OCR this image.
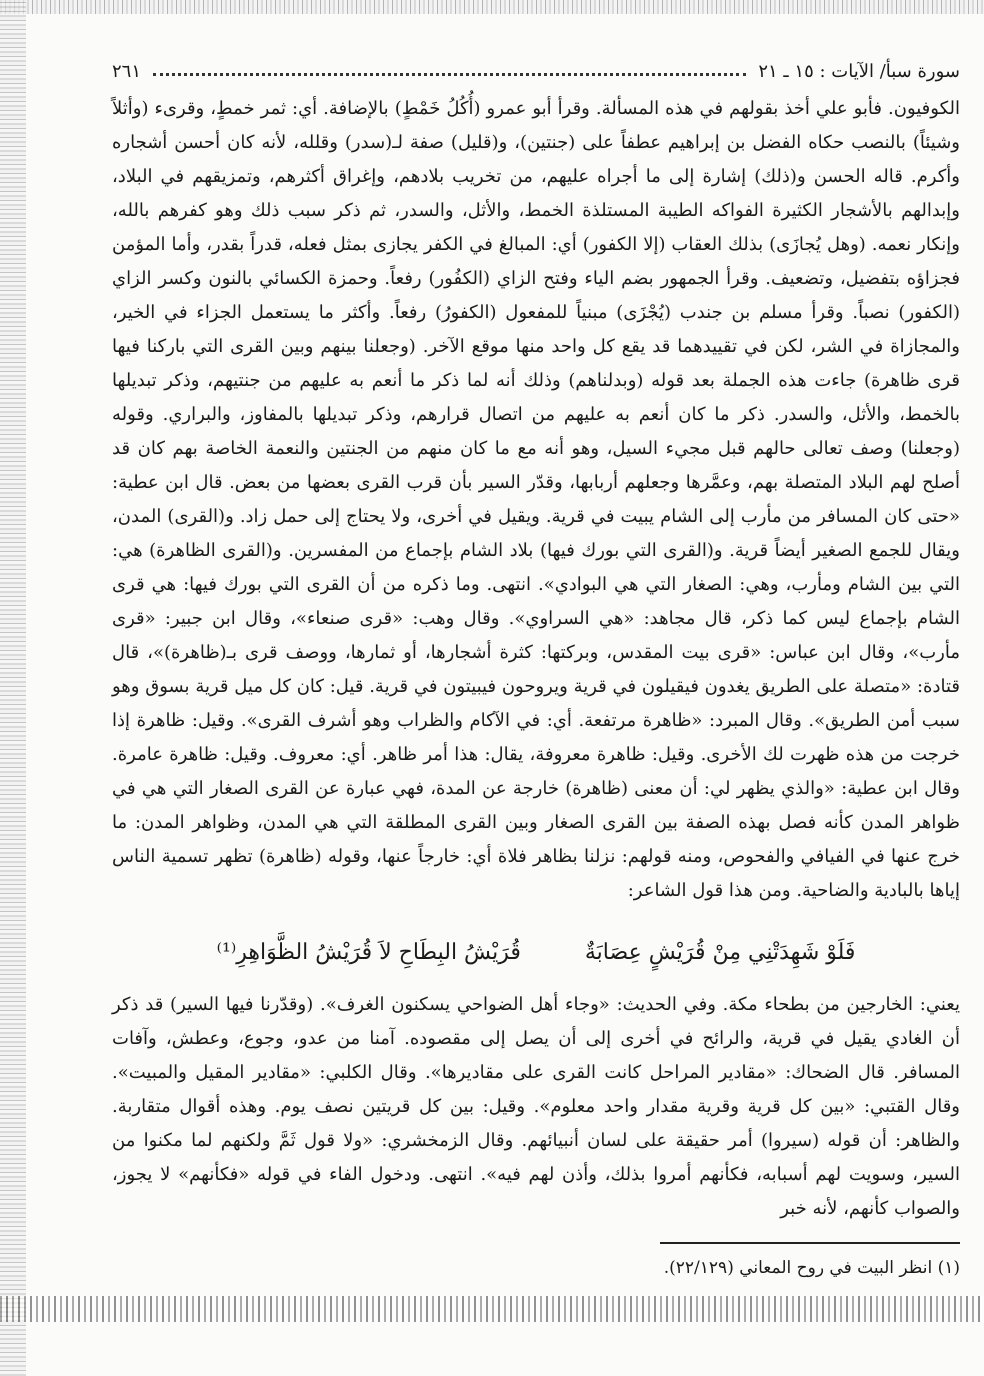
سورة سبأ/ الآيات : ١٥ ـ ٢١
٢٦١
الكوفيون. فأبو علي أخذ بقولهم في هذه المسألة. وقرأ أبو عمرو (أُكُلُ خَمْطٍ) بالإضافة. أي: ثمر خمطٍ، وقرىء (وأثلاً وشيئاً) بالنصب حكاه الفضل بن إبراهيم عطفاً على (جنتين)، و(قليل) صفة لـ(سدر) وقلله، لأنه كان أحسن أشجاره وأكرم. قاله الحسن و(ذلك) إشارة إلى ما أجراه عليهم، من تخريب بلادهم، وإغراق أكثرهم، وتمزيقهم في البلاد، وإبدالهم بالأشجار الكثيرة الفواكه الطيبة المستلذة الخمط، والأثل، والسدر، ثم ذكر سبب ذلك وهو كفرهم بالله، وإنكار نعمه. (وهل يُجازَى) بذلك العقاب (إلا الكفور) أي: المبالغ في الكفر يجازى بمثل فعله، قدراً بقدر، وأما المؤمن فجزاؤه بتفضيل، وتضعيف. وقرأ الجمهور بضم الياء وفتح الزاي (الكفُور) رفعاً. وحمزة الكسائي بالنون وكسر الزاي (الكفور) نصباً. وقرأ مسلم بن جندب (يُجْزَى) مبنياً للمفعول (الكفورُ) رفعاً. وأكثر ما يستعمل الجزاء في الخير، والمجازاة في الشر، لكن في تقييدهما قد يقع كل واحد منها موقع الآخر. (وجعلنا بينهم وبين القرى التي باركنا فيها قرى ظاهرة) جاءت هذه الجملة بعد قوله (وبدلناهم) وذلك أنه لما ذكر ما أنعم به عليهم من جنتيهم، وذكر تبديلها بالخمط، والأثل، والسدر. ذكر ما كان أنعم به عليهم من اتصال قرارهم، وذكر تبديلها بالمفاوز، والبراري. وقوله (وجعلنا) وصف تعالى حالهم قبل مجيء السيل، وهو أنه مع ما كان منهم من الجنتين والنعمة الخاصة بهم كان قد أصلح لهم البلاد المتصلة بهم، وعمَّرها وجعلهم أربابها، وقدّر السير بأن قرب القرى بعضها من بعض. قال ابن عطية: «حتى كان المسافر من مأرب إلى الشام يبيت في قرية. ويقيل في أخرى، ولا يحتاج إلى حمل زاد. و(القرى) المدن، ويقال للجمع الصغير أيضاً قرية. و(القرى التي بورك فيها) بلاد الشام بإجماع من المفسرين. و(القرى الظاهرة) هي: التي بين الشام ومأرب، وهي: الصغار التي هي البوادي». انتهى. وما ذكره من أن القرى التي بورك فيها: هي قرى الشام بإجماع ليس كما ذكر، قال مجاهد: «هي السراوي». وقال وهب: «قرى صنعاء»، وقال ابن جبير: «قرى مأرب»، وقال ابن عباس: «قرى بيت المقدس، وبركتها: كثرة أشجارها، أو ثمارها، ووصف قرى بـ(ظاهرة)»، قال قتادة: «متصلة على الطريق يغدون فيقيلون في قرية ويروحون فيبيتون في قرية. قيل: كان كل ميل قرية بسوق وهو سبب أمن الطريق». وقال المبرد: «ظاهرة مرتفعة. أي: في الآكام والظراب وهو أشرف القرى». وقيل: ظاهرة إذا خرجت من هذه ظهرت لك الأخرى. وقيل: ظاهرة معروفة، يقال: هذا أمر ظاهر. أي: معروف. وقيل: ظاهرة عامرة. وقال ابن عطية: «والذي يظهر لي: أن معنى (ظاهرة) خارجة عن المدة، فهي عبارة عن القرى الصغار التي هي في ظواهر المدن كأنه فصل بهذه الصفة بين القرى الصغار وبين القرى المطلقة التي هي المدن، وظواهر المدن: ما خرج عنها في الفيافي والفحوص، ومنه قولهم: نزلنا بظاهر فلاة أي: خارجاً عنها، وقوله (ظاهرة) تظهر تسمية الناس إياها بالبادية والضاحية. ومن هذا قول الشاعر:
فَلَوْ شَهِدَتْنِي مِنْ قُرَيْشٍ عِصَابَةٌ
قُرَيْشُ البِطَاحِ لاَ قُرَيْشُ الظَّوَاهِرِ⁽¹⁾
يعني: الخارجين من بطحاء مكة. وفي الحديث: «وجاء أهل الضواحي يسكنون الغرف». (وقدّرنا فيها السير) قد ذكر أن الغادي يقيل في قرية، والرائح في أخرى إلى أن يصل إلى مقصوده. آمنا من عدو، وجوع، وعطش، وآفات المسافر. قال الضحاك: «مقادير المراحل كانت القرى على مقاديرها». وقال الكلبي: «مقادير المقيل والمبيت». وقال القتبي: «بين كل قرية وقرية مقدار واحد معلوم». وقيل: بين كل قريتين نصف يوم. وهذه أقوال متقاربة. والظاهر: أن قوله (سيروا) أمر حقيقة على لسان أنبيائهم. وقال الزمخشري: «ولا قول ثَمَّ ولكنهم لما مكنوا من السير، وسويت لهم أسبابه، فكأنهم أمروا بذلك، وأذن لهم فيه». انتهى. ودخول الفاء في قوله «فكأنهم» لا يجوز، والصواب كأنهم، لأنه خبر
(١) انظر البيت في روح المعاني (٢٢/١٢٩).
